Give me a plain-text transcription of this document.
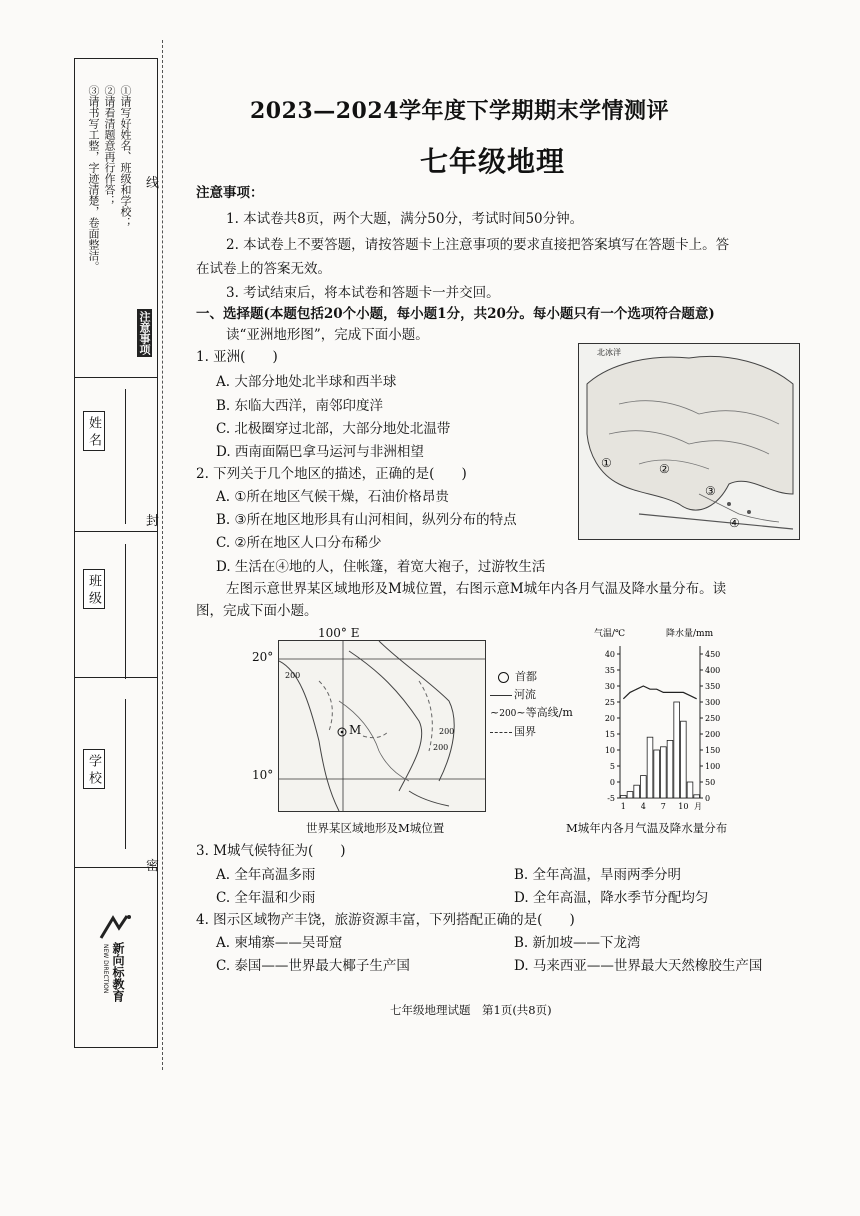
注意事项
①请写好姓名、班级和学校；
②请看清题意再行作答；
③请书写工整，字迹清楚，卷面整洁。
姓 名
班 级
学 校
新向标教育
NEW DIRECTION
线
封
密
2023—2024学年度下学期期末学情测评
七年级地理
注意事项：
1. 本试卷共8页，两个大题，满分50分，考试时间50分钟。
2. 本试卷上不要答题，请按答题卡上注意事项的要求直接把答案填写在答题卡上。答
在试卷上的答案无效。
3. 考试结束后，将本试卷和答题卡一并交回。
一、选择题(本题包括20个小题，每小题1分，共20分。每小题只有一个选项符合题意)
读“亚洲地形图”，完成下面小题。
1. 亚洲(　　)
A. 大部分地处北半球和西半球
B. 东临大西洋，南邻印度洋
C. 北极圈穿过北部，大部分地处北温带
D. 西南面隔巴拿马运河与非洲相望
2. 下列关于几个地区的描述，正确的是(　　)
A. ①所在地区气候干燥，石油价格昂贵
B. ③所在地区地形具有山河相间，纵列分布的特点
C. ②所在地区人口分布稀少
D. 生活在④地的人，住帐篷，着宽大袍子，过游牧生活
北冰洋
①	②
③
④
左图示意世界某区域地形及M城位置，右图示意M城年内各月气温及降水量分布。读
图，完成下面小题。
100° E
20°
10°
M
200
200
200
首都
河流
~200~等高线/m
国界
世界某区域地形及M城位置
气温/℃	降水量/mm
40
35
30
25
20
15
10
5
0
-5
450
400
350
300
250
200
150
100
50
0
1 4 7 10 月
M城年内各月气温及降水量分布
3. M城气候特征为(　　)
A. 全年高温多雨	B. 全年高温，旱雨两季分明
C. 全年温和少雨	D. 全年高温，降水季节分配均匀
4. 图示区域物产丰饶，旅游资源丰富，下列搭配正确的是(　　)
A. 柬埔寨——吴哥窟	B. 新加坡——下龙湾
C. 泰国——世界最大椰子生产国	D. 马来西亚——世界最大天然橡胶生产国
七年级地理试题　第1页(共8页)
